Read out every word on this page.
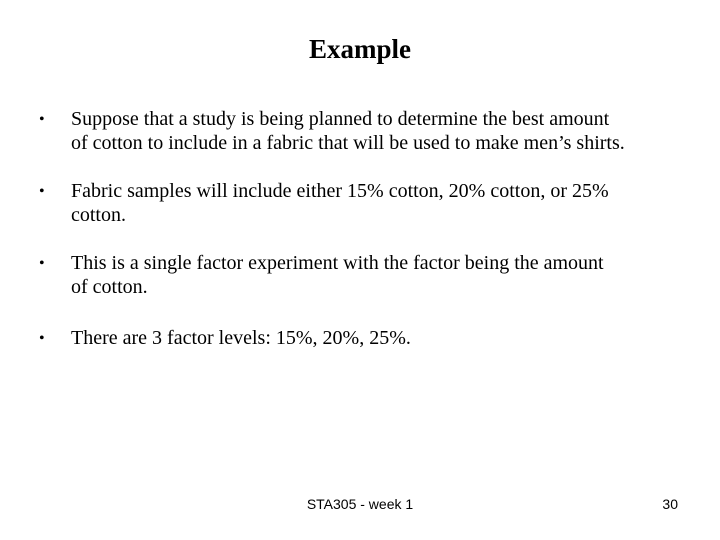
Example
• Suppose that a study is being planned to determine the best amount
of cotton to include in a fabric that will be used to make men’s shirts.
• Fabric samples will include either 15% cotton, 20% cotton, or 25%
cotton.
• This is a single factor experiment with the factor being the amount
of cotton.
• There are 3 factor levels: 15%, 20%, 25%.
STA305 - week 1	30
